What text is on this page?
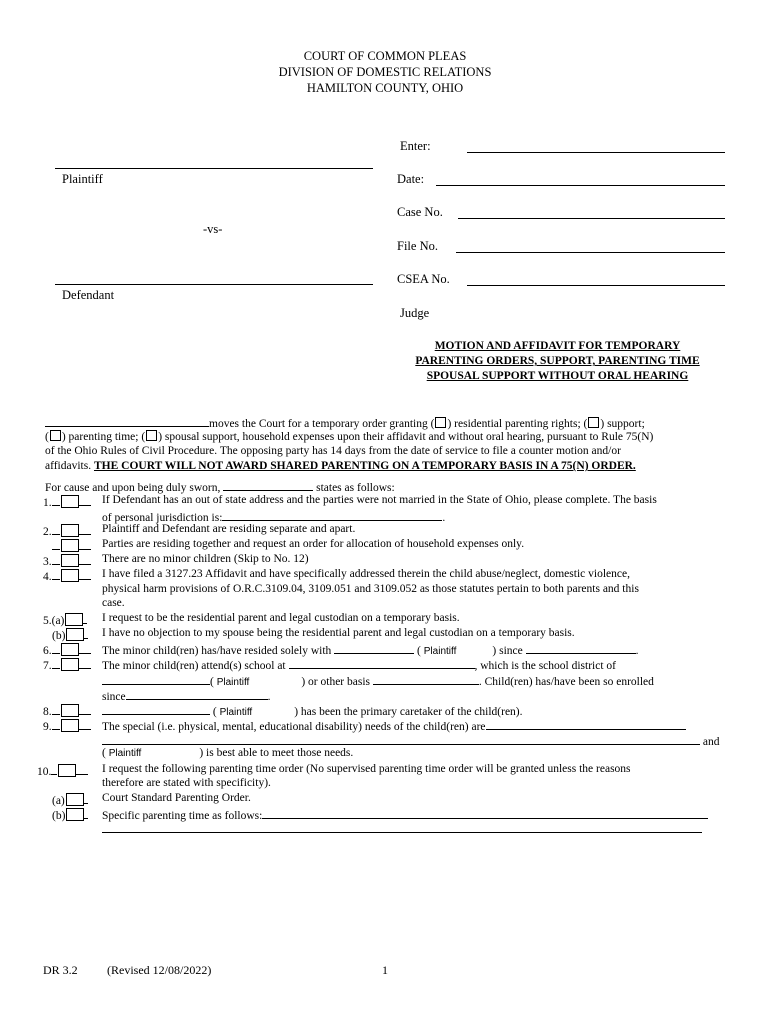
COURT OF COMMON PLEAS
DIVISION OF DOMESTIC RELATIONS
HAMILTON COUNTY, OHIO
Plaintiff
-vs-
Defendant
Enter:
Date:
Case No.
File No.
CSEA No.
Judge
MOTION AND AFFIDAVIT FOR TEMPORARY
PARENTING ORDERS, SUPPORT, PARENTING TIME
SPOUSAL SUPPORT WITHOUT ORAL HEARING
moves the Court for a temporary order granting ( ) residential parenting rights; ( ) support;
( ) parenting time; ( ) spousal support, household expenses upon their affidavit and without oral hearing, pursuant to Rule 75(N)
of the Ohio Rules of Civil Procedure. The opposing party has 14 days from the date of service to file a counter motion and/or
affidavits. THE COURT WILL NOT AWARD SHARED PARENTING ON A TEMPORARY BASIS IN A 75(N) ORDER.
For cause and upon being duly sworn,	states as follows:
1.	If Defendant has an out of state address and the parties were not married in the State of Ohio, please complete. The basis
of personal jurisdiction is:	.
2.	Plaintiff and Defendant are residing separate and apart.
Parties are residing together and request an order for allocation of household expenses only.
3.	There are no minor children (Skip to No. 12)
4.	I have filed a 3127.23 Affidavit and have specifically addressed therein the child abuse/neglect, domestic violence,
physical harm provisions of O.R.C.3109.04, 3109.051 and 3109.052 as those statutes pertain to both parents and this
case.
5.(a)	I request to be the residential parent and legal custodian on a temporary basis.
(b)	I have no objection to my spouse being the residential parent and legal custodian on a temporary basis.
6.	The minor child(ren) has/have resided solely with	( Plaintiff	) since	.
7.	The minor child(ren) attend(s) school at	, which is the school district of
( Plaintiff	) or other basis	. Child(ren) has/have been so enrolled
since	.
8.	( Plaintiff	) has been the primary caretaker of the child(ren).
9.	The special (i.e. physical, mental, educational disability) needs of the child(ren) are
and
( Plaintiff	) is best able to meet those needs.
10.	I request the following parenting time order (No supervised parenting time order will be granted unless the reasons
therefore are stated with specificity).
(a)	Court Standard Parenting Order.
(b)	Specific parenting time as follows:
DR 3.2 (Revised 12/08/2022)	1
